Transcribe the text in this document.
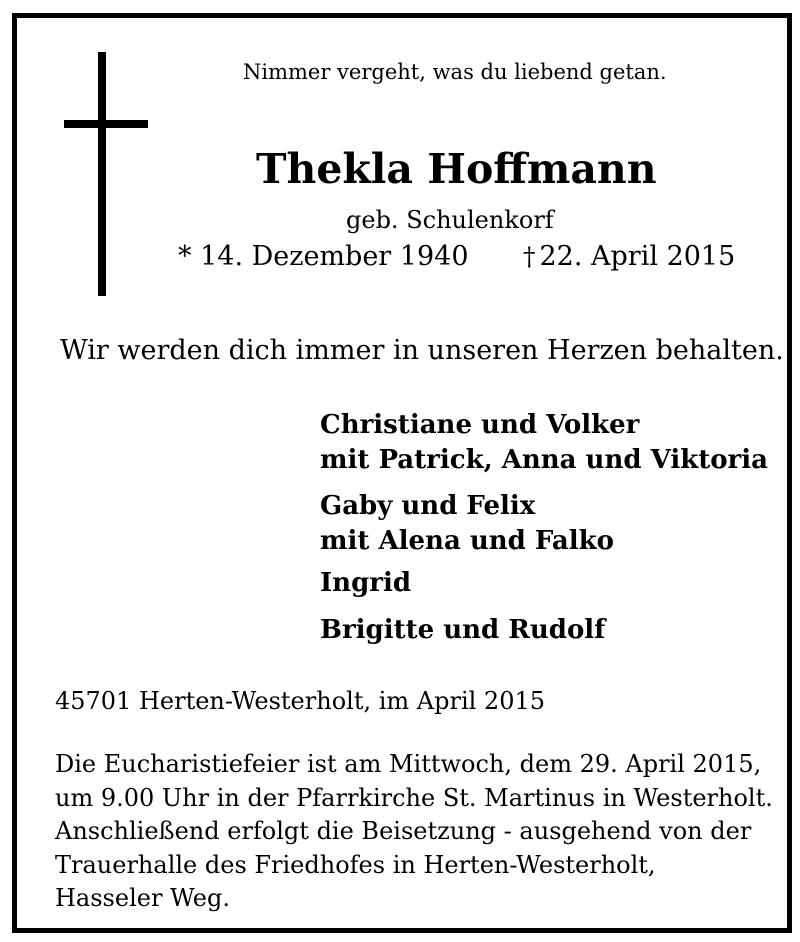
Nimmer vergeht, was du liebend getan.
Thekla Hoffmann
geb. Schulenkorf
* 14. Dezember 1940 † 22. April 2015
Wir werden dich immer in unseren Herzen behalten.
Christiane und Volker
mit Patrick, Anna und Viktoria
Gaby und Felix
mit Alena und Falko
Ingrid
Brigitte und Rudolf
45701 Herten-Westerholt, im April 2015
Die Eucharistiefeier ist am Mittwoch, dem 29. April 2015,
um 9.00 Uhr in der Pfarrkirche St. Martinus in Westerholt.
Anschließend erfolgt die Beisetzung - ausgehend von der
Trauerhalle des Friedhofes in Herten-Westerholt,
Hasseler Weg.
